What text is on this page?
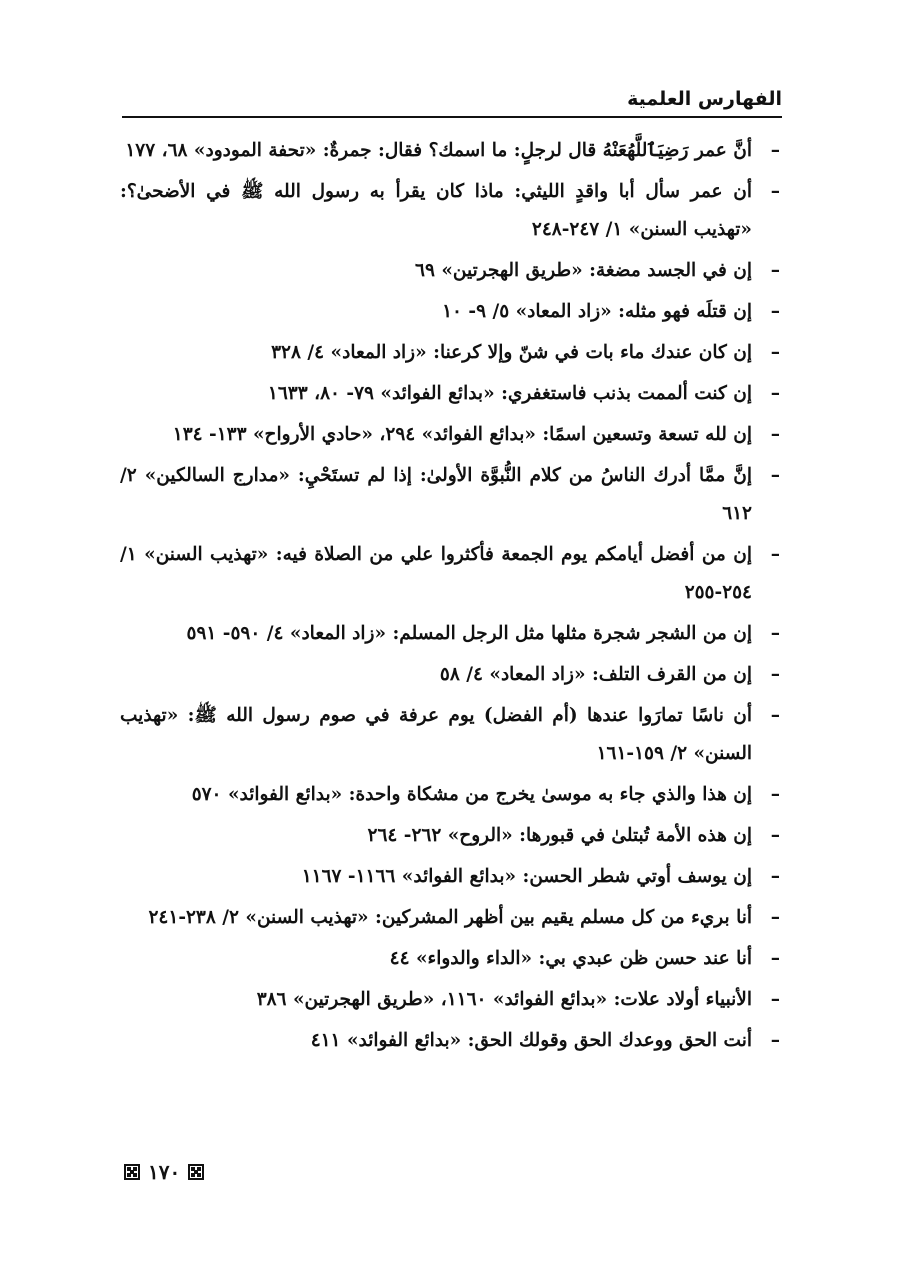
الفهارس العلمية

–
أنَّ عمر رَضِيَٱللَّهُعَنْهُ قال لرجلٍ: ما اسمك؟ فقال: جمرةٌ: «تحفة المودود» ٦٨، ١٧٧

–
أن عمر سأل أبا واقدٍ الليثي: ماذا كان يقرأ به رسول الله ﷺ في الأضحىٰ؟: «تهذيب السنن» ١/ ٢٤٧-٢٤٨

–
إن في الجسد مضغة: «طريق الهجرتين» ٦٩

–
إن قتلَه فهو مثله: «زاد المعاد» ٥/ ٩- ١٠

–
إن كان عندك ماء بات في شنّ وإلا كرعنا: «زاد المعاد» ٤/ ٣٢٨

–
إن كنت ألممت بذنب فاستغفري: «بدائع الفوائد» ٧٩- ٨٠، ١٦٣٣

–
إن لله تسعة وتسعين اسمًا: «بدائع الفوائد» ٢٩٤، «حادي الأرواح» ١٣٣- ١٣٤

–
إنَّ ممَّا أدرك الناسُ من كلام النُّبوَّة الأولىٰ: إذا لم تستَحْيِ: «مدارج السالكين» ٢/ ٦١٢

–
إن من أفضل أيامكم يوم الجمعة فأكثروا علي من الصلاة فيه: «تهذيب السنن» ١/ ٢٥٤-٢٥٥

–
إن من الشجر شجرة مثلها مثل الرجل المسلم: «زاد المعاد» ٤/ ٥٩٠- ٥٩١

–
إن من القرف التلف: «زاد المعاد» ٤/ ٥٨

–
أن ناسًا تمارَوا عندها (أم الفضل) يوم عرفة في صوم رسول الله ﷺ: «تهذيب السنن» ٢/ ١٥٩-١٦١

–
إن هذا والذي جاء به موسىٰ يخرج من مشكاة واحدة: «بدائع الفوائد» ٥٧٠

–
إن هذه الأمة تُبتلىٰ في قبورها: «الروح» ٢٦٢- ٢٦٤

–
إن يوسف أوتي شطر الحسن: «بدائع الفوائد» ١١٦٦- ١١٦٧

–
أنا بريء من كل مسلم يقيم بين أظهر المشركين: «تهذيب السنن» ٢/ ٢٣٨-٢٤١

–
أنا عند حسن ظن عبدي بي: «الداء والدواء» ٤٤

–
الأنبياء أولاد علات: «بدائع الفوائد» ١١٦٠، «طريق الهجرتين» ٣٨٦

–
أنت الحق ووعدك الحق وقولك الحق: «بدائع الفوائد» ٤١١

١٧٠
